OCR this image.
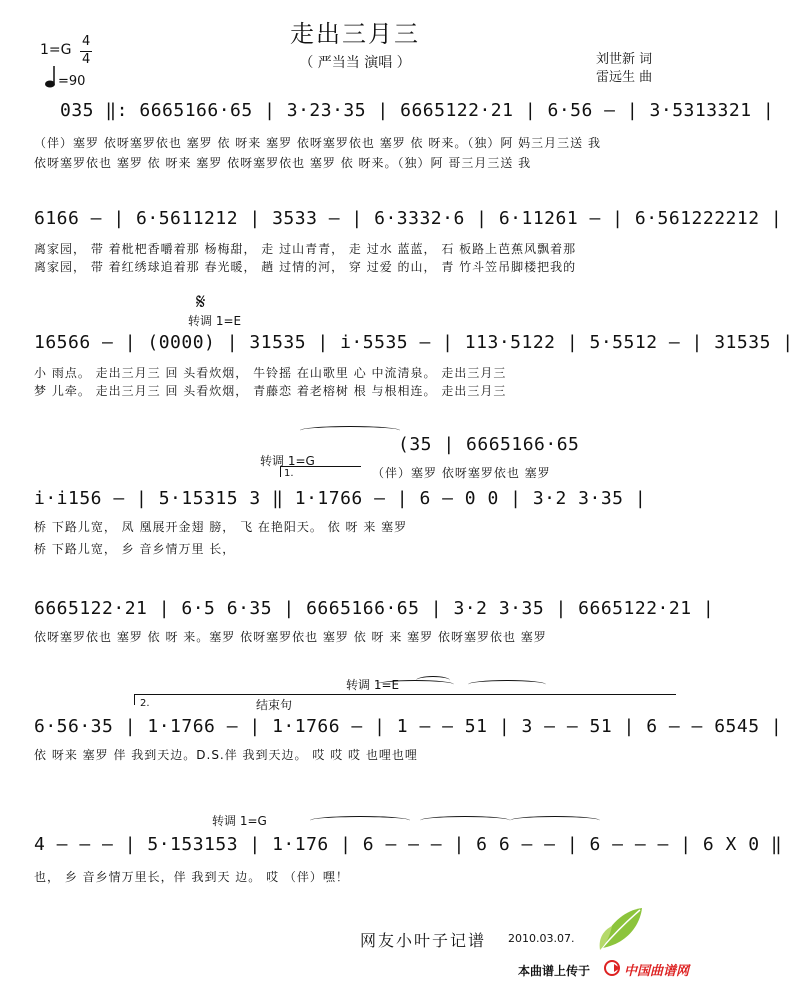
走出三月三
（ 严当当 演唱 ）
1=G
4
4
=90
刘世新 词
雷远生 曲
035 ‖: 6665166·65 | 3·23·35 | 6665122·21 | 6·56 – | 3·5313321 |
（伴）塞罗 依呀塞罗依也 塞罗 依 呀来 塞罗 依呀塞罗依也 塞罗 依 呀来。（独）阿 妈三月三送 我
依呀塞罗依也 塞罗 依 呀来 塞罗 依呀塞罗依也 塞罗 依 呀来。（独）阿 哥三月三送 我
6166 – | 6·5611212 | 3533 – | 6·3332·6 | 6·11261 – | 6·561222212 |
离家园， 带 着枇杷香嚼着那 杨梅甜， 走 过山青青， 走 过水 蓝蓝， 石 板路上芭蕉风飘着那
离家园， 带 着红绣球追着那 春光暖， 趟 过情的河， 穿 过爱 的山， 青 竹斗笠吊脚楼把我的
𝄋
转调 1=E
16566 – | (0000) | 31535 | i·5535 – | 113·5122 | 5·5512 – | 31535 |
小 雨点。 走出三月三 回 头看炊烟， 牛铃摇 在山歌里 心 中流清泉。 走出三月三
梦 儿牵。 走出三月三 回 头看炊烟， 青藤恋 着老榕树 根 与根相连。 走出三月三
(35 | 6665166·65
（伴）塞罗 依呀塞罗依也 塞罗
转调 1=G
1.
i·i156 – | 5·15315 3 ‖ 1·1766 – | 6 – 0 0 | 3·2 3·35 |
桥 下路儿宽， 凤 凰展开金翅 膀， 飞 在艳阳天。 依 呀 来 塞罗
桥 下路儿宽， 乡 音乡情万里 长，
6665122·21 | 6·5 6·35 | 6665166·65 | 3·2 3·35 | 6665122·21 |
依呀塞罗依也 塞罗 依 呀 来。塞罗 依呀塞罗依也 塞罗 依 呀 来 塞罗 依呀塞罗依也 塞罗
转调 1=E
2.	结束句
6·56·35 | 1·1766 – | 1·1766 – | 1 – – 51 | 3 – – 51 | 6 – – 6545 |
依 呀来 塞罗 伴 我到天边。D.S.伴 我到天边。 哎 哎 哎 也哩也哩
转调 1=G
4 – – – | 5·153153 | 1·176 | 6 – – – | 6 6 – – | 6 – – – | 6 X 0 ‖
也， 乡 音乡情万里长，伴 我到天 边。 哎 （伴）嘿！
网友小叶子记谱 2010.03.07.
本曲谱上传于	中国曲谱网
